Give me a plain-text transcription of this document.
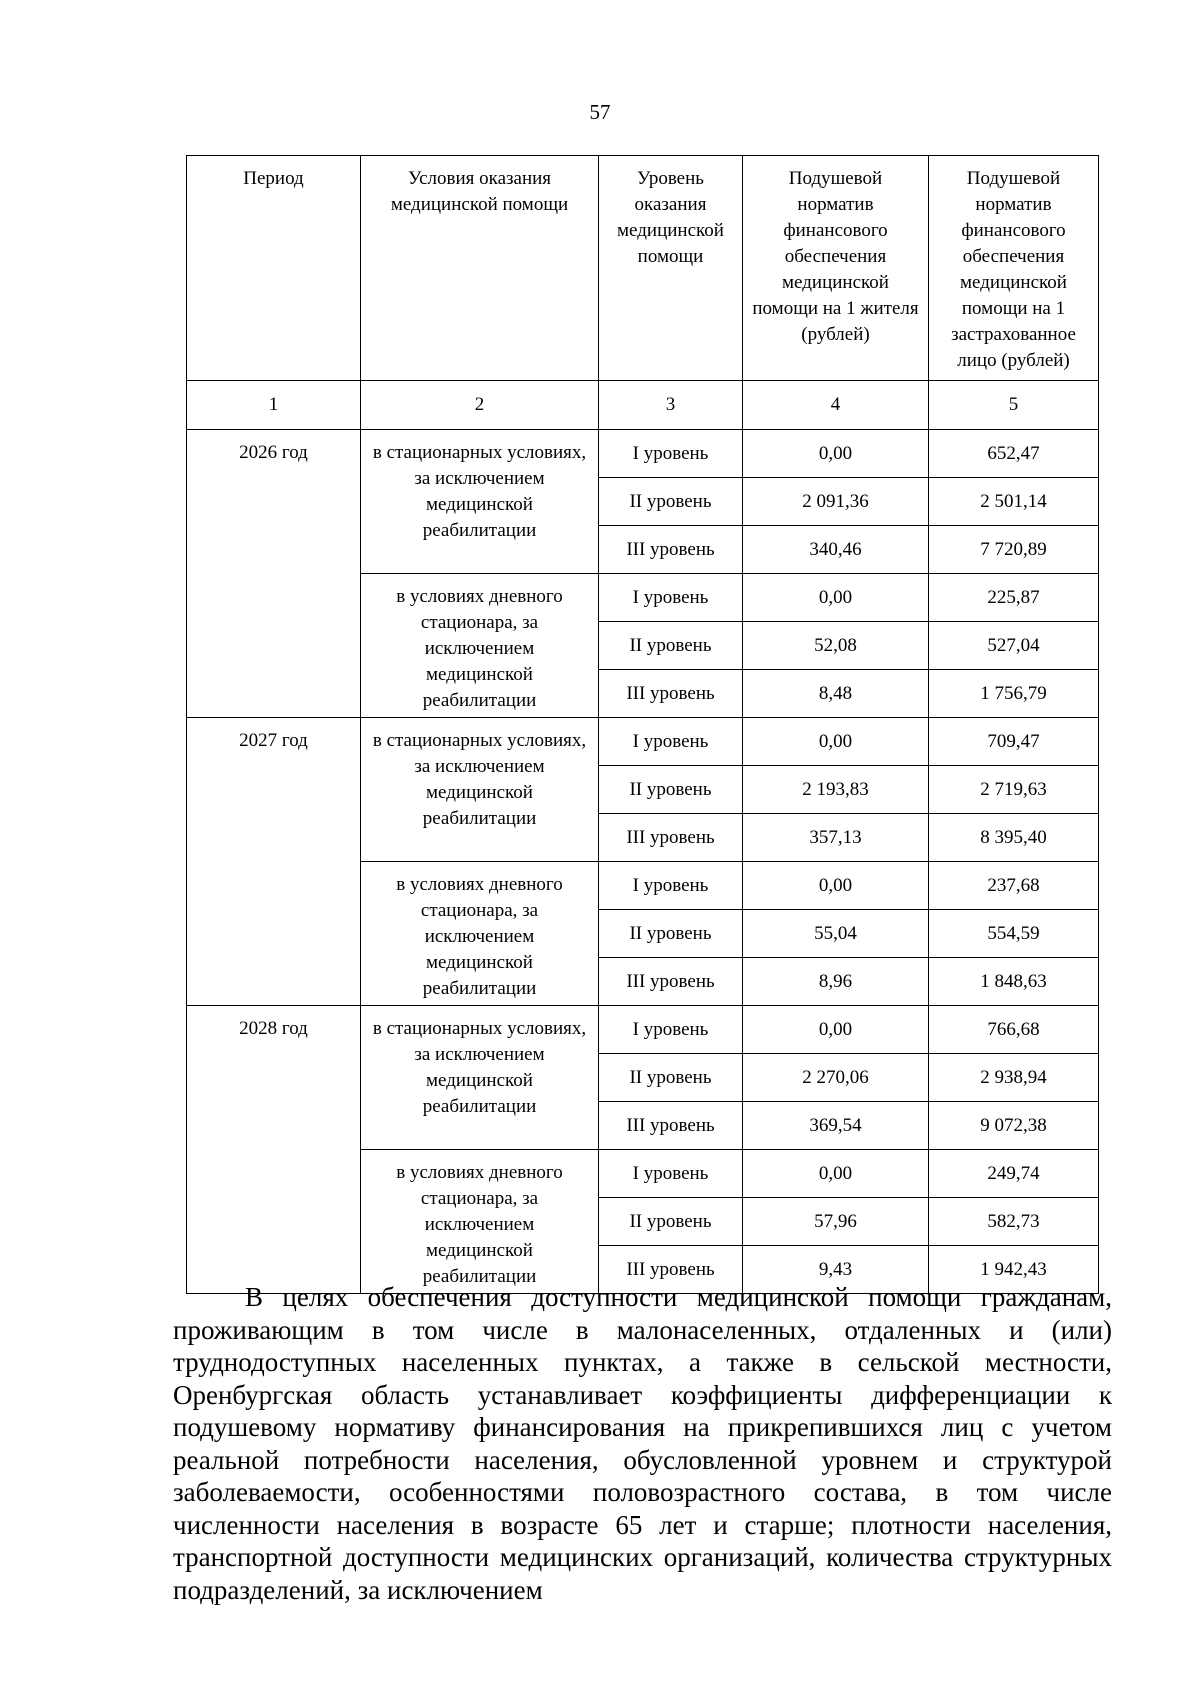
57
Период	Условия оказания медицинской помощи	Уровень оказания медицинской помощи	Подушевой норматив финансового обеспечения медицинской помощи на 1 жителя (рублей)	Подушевой норматив финансового обеспечения медицинской помощи на 1 застрахованное лицо (рублей)
1	2	3	4	5
2026 год	в стационарных условиях, за исключением медицинской реабилитации	I уровень	0,00	652,47
		II уровень	2 091,36	2 501,14
		III уровень	340,46	7 720,89
	в условиях дневного стационара, за исключением медицинской реабилитации	I уровень	0,00	225,87
		II уровень	52,08	527,04
		III уровень	8,48	1 756,79
2027 год	в стационарных условиях, за исключением медицинской реабилитации	I уровень	0,00	709,47
		II уровень	2 193,83	2 719,63
		III уровень	357,13	8 395,40
	в условиях дневного стационара, за исключением медицинской реабилитации	I уровень	0,00	237,68
		II уровень	55,04	554,59
		III уровень	8,96	1 848,63
2028 год	в стационарных условиях, за исключением медицинской реабилитации	I уровень	0,00	766,68
		II уровень	2 270,06	2 938,94
		III уровень	369,54	9 072,38
	в условиях дневного стационара, за исключением медицинской реабилитации	I уровень	0,00	249,74
		II уровень	57,96	582,73
		III уровень	9,43	1 942,43

В целях обеспечения доступности медицинской помощи гражданам, проживающим в том числе в малонаселенных, отдаленных и (или) труднодоступных населенных пунктах, а также в сельской местности, Оренбургская область устанавливает коэффициенты дифференциации к подушевому нормативу финансирования на прикрепившихся лиц с учетом реальной потребности населения, обусловленной уровнем и структурой заболеваемости, особенностями половозрастного состава, в том числе численности населения в возрасте 65 лет и старше; плотности населения, транспортной доступности медицинских организаций, количества структурных подразделений, за исключением
